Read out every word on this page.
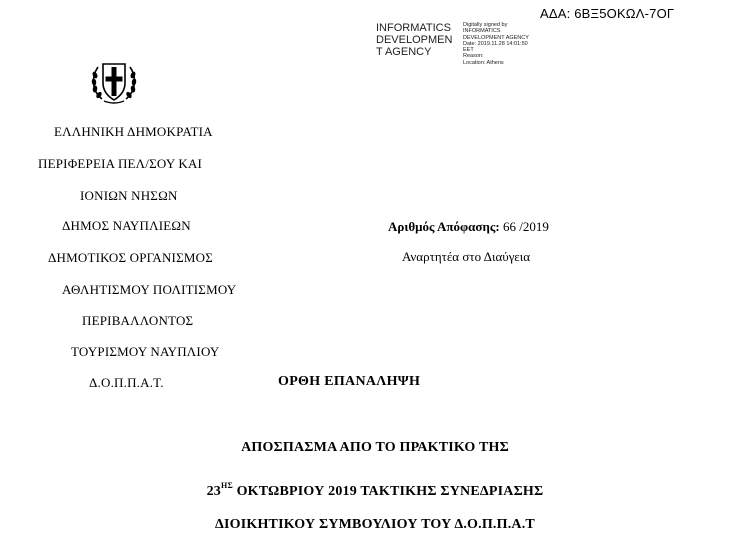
ΑΔΑ: 6ΒΞ5ΟΚΩΛ-7ΟΓ
INFORMATICS
DEVELOPMEN
T AGENCY
Digitally signed by
INFORMATICS
DEVELOPMENT AGENCY
Date: 2019.11.28 14:01:50
EET
Reason:
Location: Athens
ΕΛΛΗΝΙΚΗ ΔΗΜΟΚΡΑΤΙΑ
ΠΕΡΙΦΕΡΕΙΑ ΠΕΛ/ΣΟΥ ΚΑΙ
ΙΟΝΙΩΝ ΝΗΣΩΝ
ΔΗΜΟΣ ΝΑΥΠΛΙΕΩΝ
ΔΗΜΟΤΙΚΟΣ ΟΡΓΑΝΙΣΜΟΣ
ΑΘΛΗΤΙΣΜΟΥ ΠΟΛΙΤΙΣΜΟΥ
ΠΕΡΙΒΑΛΛΟΝΤΟΣ
ΤΟΥΡΙΣΜΟΥ ΝΑΥΠΛΙΟΥ
Δ.Ο.Π.Π.Α.Τ.
Αριθμός Απόφασης: 66 /2019
Αναρτητέα στο Διαύγεια
ΟΡΘΗ ΕΠΑΝΑΛΗΨΗ
ΑΠΟΣΠΑΣΜΑ ΑΠΟ ΤΟ ΠΡΑΚΤΙΚΟ ΤΗΣ
$23^{H\Sigma}$ ΟΚΤΩΒΡΙΟΥ 2019 ΤΑΚΤΙΚΗΣ ΣΥΝΕΔΡΙΑΣΗΣ
ΔΙΟΙΚΗΤΙΚΟΥ ΣΥΜΒΟΥΛΙΟΥ ΤΟΥ Δ.Ο.Π.Π.Α.Τ
